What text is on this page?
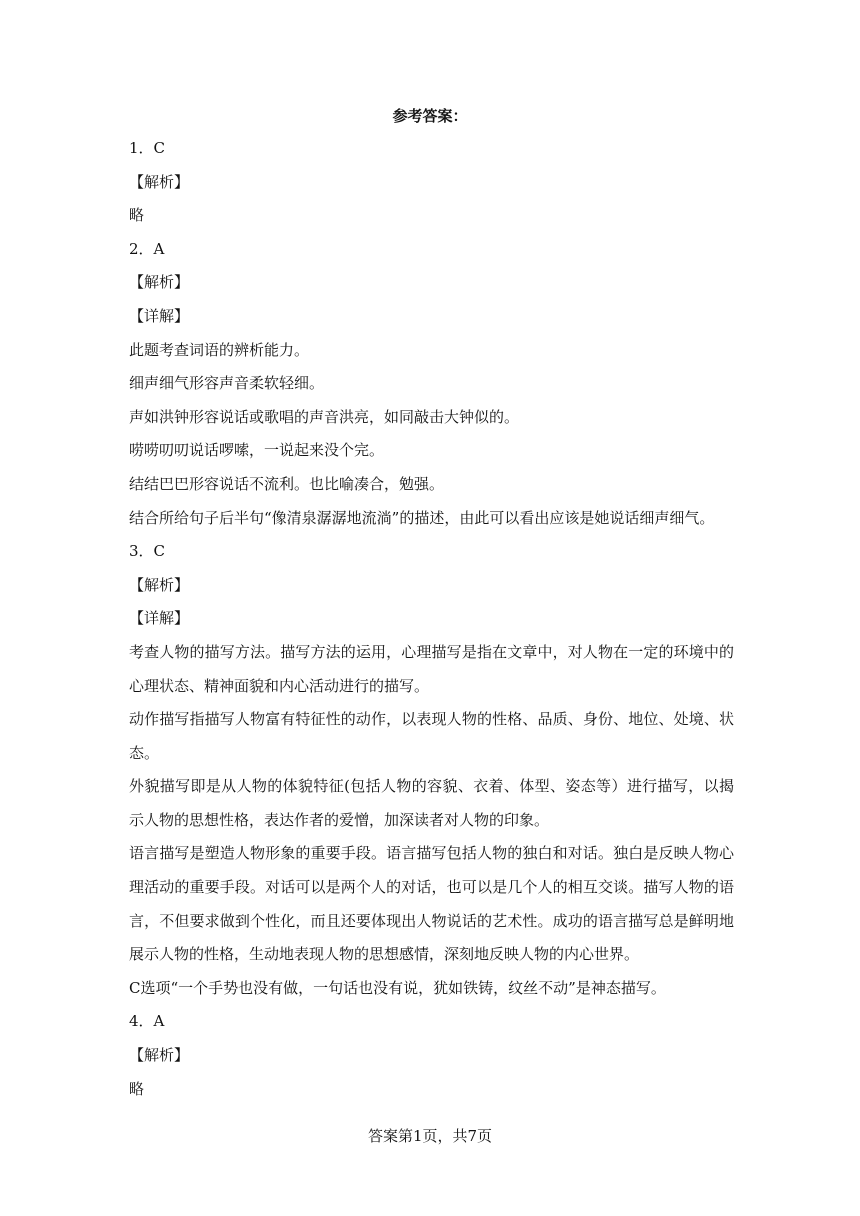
参考答案：
1．C
【解析】
略
2．A
【解析】
【详解】
此题考查词语的辨析能力。
细声细气形容声音柔软轻细。
声如洪钟形容说话或歌唱的声音洪亮，如同敲击大钟似的。
唠唠叨叨说话啰嗦，一说起来没个完。
结结巴巴形容说话不流利。也比喻凑合，勉强。
结合所给句子后半句“像清泉潺潺地流淌”的描述，由此可以看出应该是她说话细声细气。
3．C
【解析】
【详解】
考查人物的描写方法。描写方法的运用，心理描写是指在文章中，对人物在一定的环境中的心理状态、精神面貌和内心活动进行的描写。
动作描写指描写人物富有特征性的动作，以表现人物的性格、品质、身份、地位、处境、状态。
外貌描写即是从人物的体貌特征(包括人物的容貌、衣着、体型、姿态等）进行描写，以揭示人物的思想性格，表达作者的爱憎，加深读者对人物的印象。
语言描写是塑造人物形象的重要手段。语言描写包括人物的独白和对话。独白是反映人物心理活动的重要手段。对话可以是两个人的对话，也可以是几个人的相互交谈。描写人物的语言，不但要求做到个性化，而且还要体现出人物说话的艺术性。成功的语言描写总是鲜明地展示人物的性格，生动地表现人物的思想感情，深刻地反映人物的内心世界。
C选项“一个手势也没有做，一句话也没有说，犹如铁铸，纹丝不动”是神态描写。
4．A
【解析】
略
答案第1页，共7页
